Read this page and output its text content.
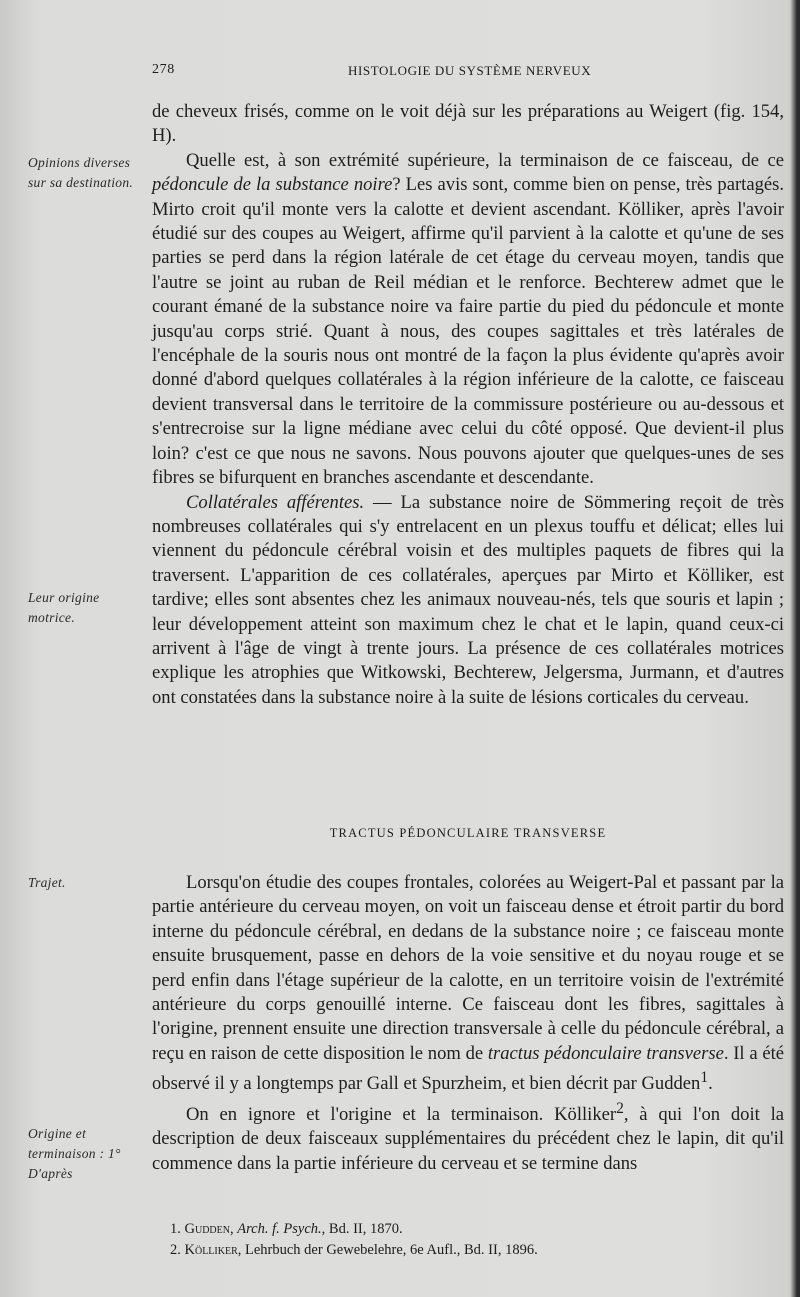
278	HISTOLOGIE DU SYSTÈME NERVEUX
Opinions diverses sur sa destination.
Leur origine motrice.
Trajet.
Origine et terminaison : 1° D'après

de cheveux frisés, comme on le voit déjà sur les préparations au Weigert (fig. 154, H).

Quelle est, à son extrémité supérieure, la terminaison de ce faisceau, de ce pédoncule de la substance noire? Les avis sont, comme bien on pense, très partagés. Mirto croit qu'il monte vers la calotte et devient ascendant. Kölliker, après l'avoir étudié sur des coupes au Weigert, affirme qu'il parvient à la calotte et qu'une de ses parties se perd dans la région latérale de cet étage du cerveau moyen, tandis que l'autre se joint au ruban de Reil médian et le renforce. Bechterew admet que le courant émané de la substance noire va faire partie du pied du pédoncule et monte jusqu'au corps strié. Quant à nous, des coupes sagittales et très latérales de l'encéphale de la souris nous ont montré de la façon la plus évidente qu'après avoir donné d'abord quelques collatérales à la région inférieure de la calotte, ce faisceau devient transversal dans le territoire de la commissure postérieure ou au-dessous et s'entrecroise sur la ligne médiane avec celui du côté opposé. Que devient-il plus loin? c'est ce que nous ne savons. Nous pouvons ajouter que quelques-unes de ses fibres se bifurquent en branches ascendante et descendante.

Collatérales afférentes. — La substance noire de Sömmering reçoit de très nombreuses collatérales qui s'y entrelacent en un plexus touffu et délicat; elles lui viennent du pédoncule cérébral voisin et des multiples paquets de fibres qui la traversent. L'apparition de ces collatérales, aperçues par Mirto et Kölliker, est tardive; elles sont absentes chez les animaux nouveau-nés, tels que souris et lapin ; leur développement atteint son maximum chez le chat et le lapin, quand ceux-ci arrivent à l'âge de vingt à trente jours. La présence de ces collatérales motrices explique les atrophies que Witkowski, Bechterew, Jelgersma, Jurmann, et d'autres ont constatées dans la substance noire à la suite de lésions corticales du cerveau.

TRACTUS PÉDONCULAIRE TRANSVERSE

Lorsqu'on étudie des coupes frontales, colorées au Weigert-Pal et passant par la partie antérieure du cerveau moyen, on voit un faisceau dense et étroit partir du bord interne du pédoncule cérébral, en dedans de la substance noire ; ce faisceau monte ensuite brusquement, passe en dehors de la voie sensitive et du noyau rouge et se perd enfin dans l'étage supérieur de la calotte, en un territoire voisin de l'extrémité antérieure du corps genouillé interne. Ce faisceau dont les fibres, sagittales à l'origine, prennent ensuite une direction transversale à celle du pédoncule cérébral, a reçu en raison de cette disposition le nom de tractus pédonculaire transverse. Il a été observé il y a longtemps par Gall et Spurzheim, et bien décrit par Gudden$^1$.

On en ignore et l'origine et la terminaison. Kölliker$^2$, à qui l'on doit la description de deux faisceaux supplémentaires du précédent chez le lapin, dit qu'il commence dans la partie inférieure du cerveau et se termine dans

1. Gudden, Arch. f. Psych., Bd. II, 1870.
2. Kölliker, Lehrbuch der Gewebelehre, 6e Aufl., Bd. II, 1896.
